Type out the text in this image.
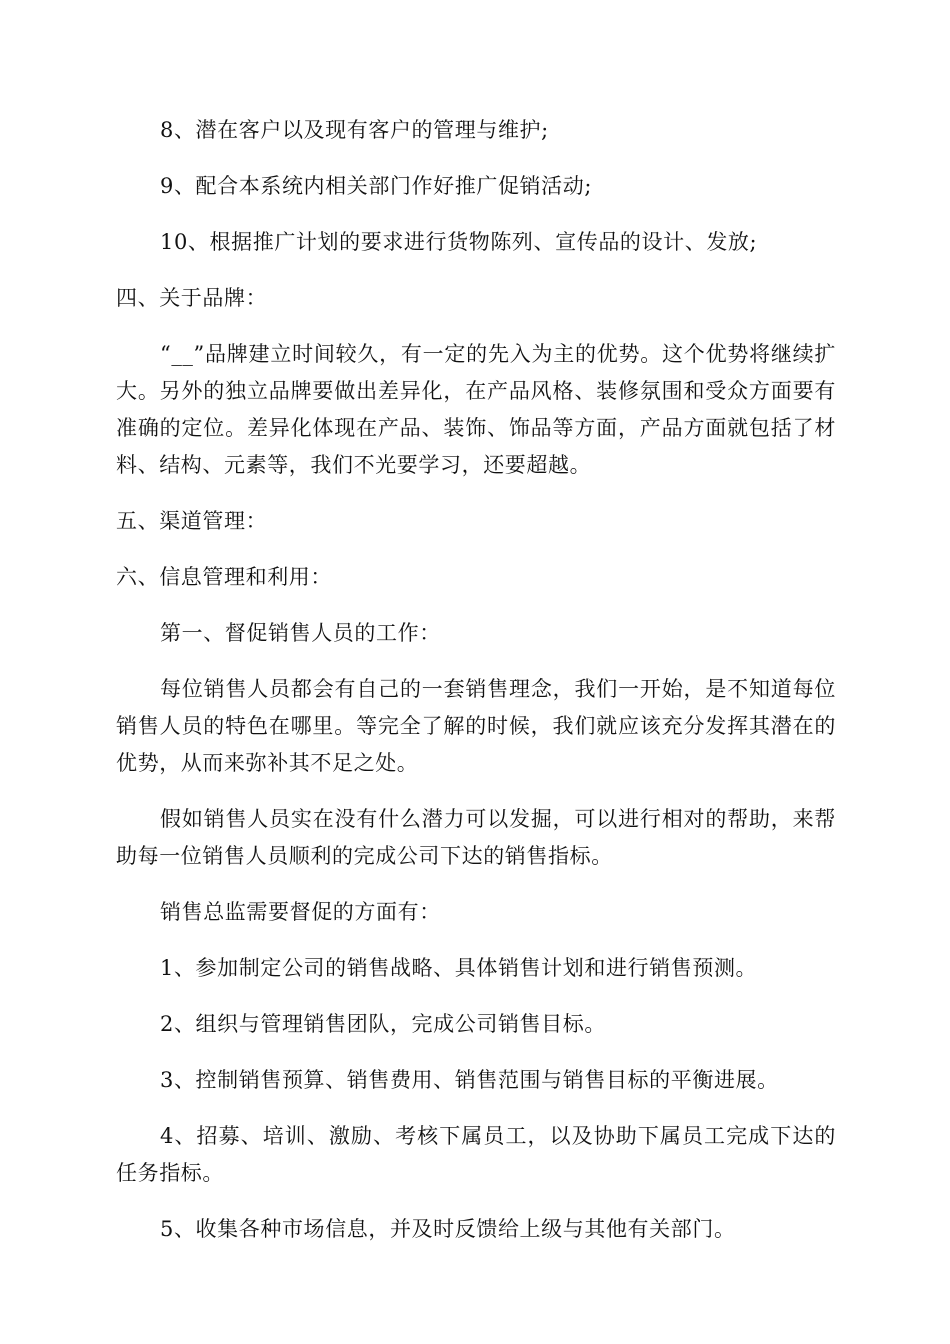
8、潜在客户以及现有客户的管理与维护;

9、配合本系统内相关部门作好推广促销活动;

10、根据推广计划的要求进行货物陈列、宣传品的设计、发放;

四、关于品牌：

“__”品牌建立时间较久，有一定的先入为主的优势。这个优势将继续扩大。另外的独立品牌要做出差异化，在产品风格、装修氛围和受众方面要有准确的定位。差异化体现在产品、装饰、饰品等方面，产品方面就包括了材料、结构、元素等，我们不光要学习，还要超越。

五、渠道管理：

六、信息管理和利用：

第一、督促销售人员的工作：

每位销售人员都会有自己的一套销售理念，我们一开始，是不知道每位销售人员的特色在哪里。等完全了解的时候，我们就应该充分发挥其潜在的优势，从而来弥补其不足之处。

假如销售人员实在没有什么潜力可以发掘，可以进行相对的帮助，来帮助每一位销售人员顺利的完成公司下达的销售指标。

销售总监需要督促的方面有：

1、参加制定公司的销售战略、具体销售计划和进行销售预测。

2、组织与管理销售团队，完成公司销售目标。

3、控制销售预算、销售费用、销售范围与销售目标的平衡进展。

4、招募、培训、激励、考核下属员工，以及协助下属员工完成下达的任务指标。

5、收集各种市场信息，并及时反馈给上级与其他有关部门。
